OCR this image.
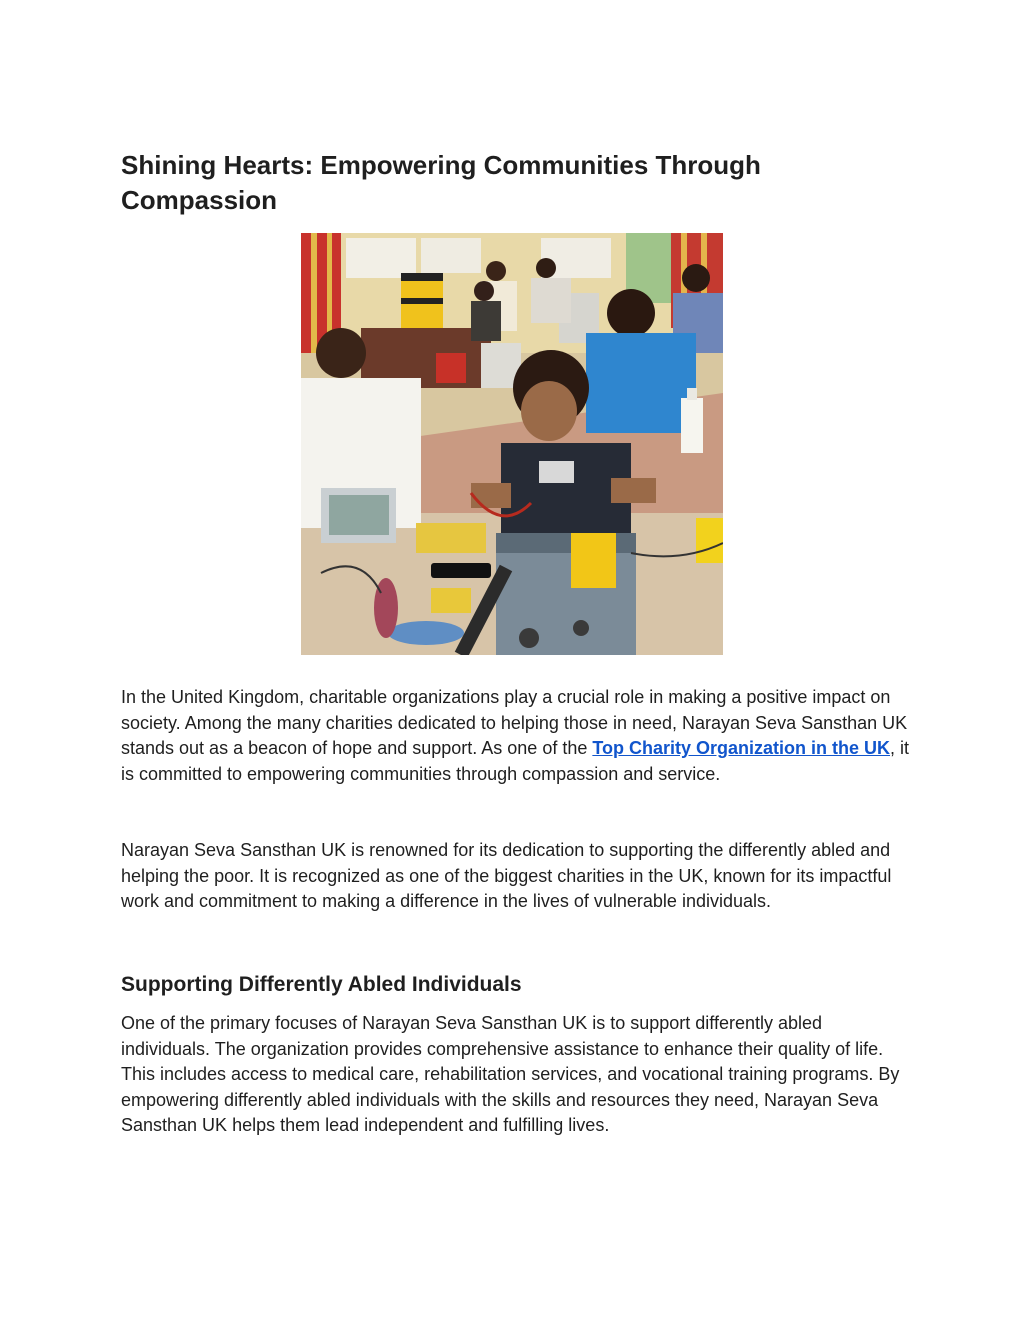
Shining Hearts: Empowering Communities Through Compassion

In the United Kingdom, charitable organizations play a crucial role in making a positive impact on society. Among the many charities dedicated to helping those in need, Narayan Seva Sansthan UK stands out as a beacon of hope and support. As one of the Top Charity Organization in the UK, it is committed to empowering communities through compassion and service.

Narayan Seva Sansthan UK is renowned for its dedication to supporting the differently abled and helping the poor. It is recognized as one of the biggest charities in the UK, known for its impactful work and commitment to making a difference in the lives of vulnerable individuals.

Supporting Differently Abled Individuals

One of the primary focuses of Narayan Seva Sansthan UK is to support differently abled individuals. The organization provides comprehensive assistance to enhance their quality of life. This includes access to medical care, rehabilitation services, and vocational training programs. By empowering differently abled individuals with the skills and resources they need, Narayan Seva Sansthan UK helps them lead independent and fulfilling lives.
